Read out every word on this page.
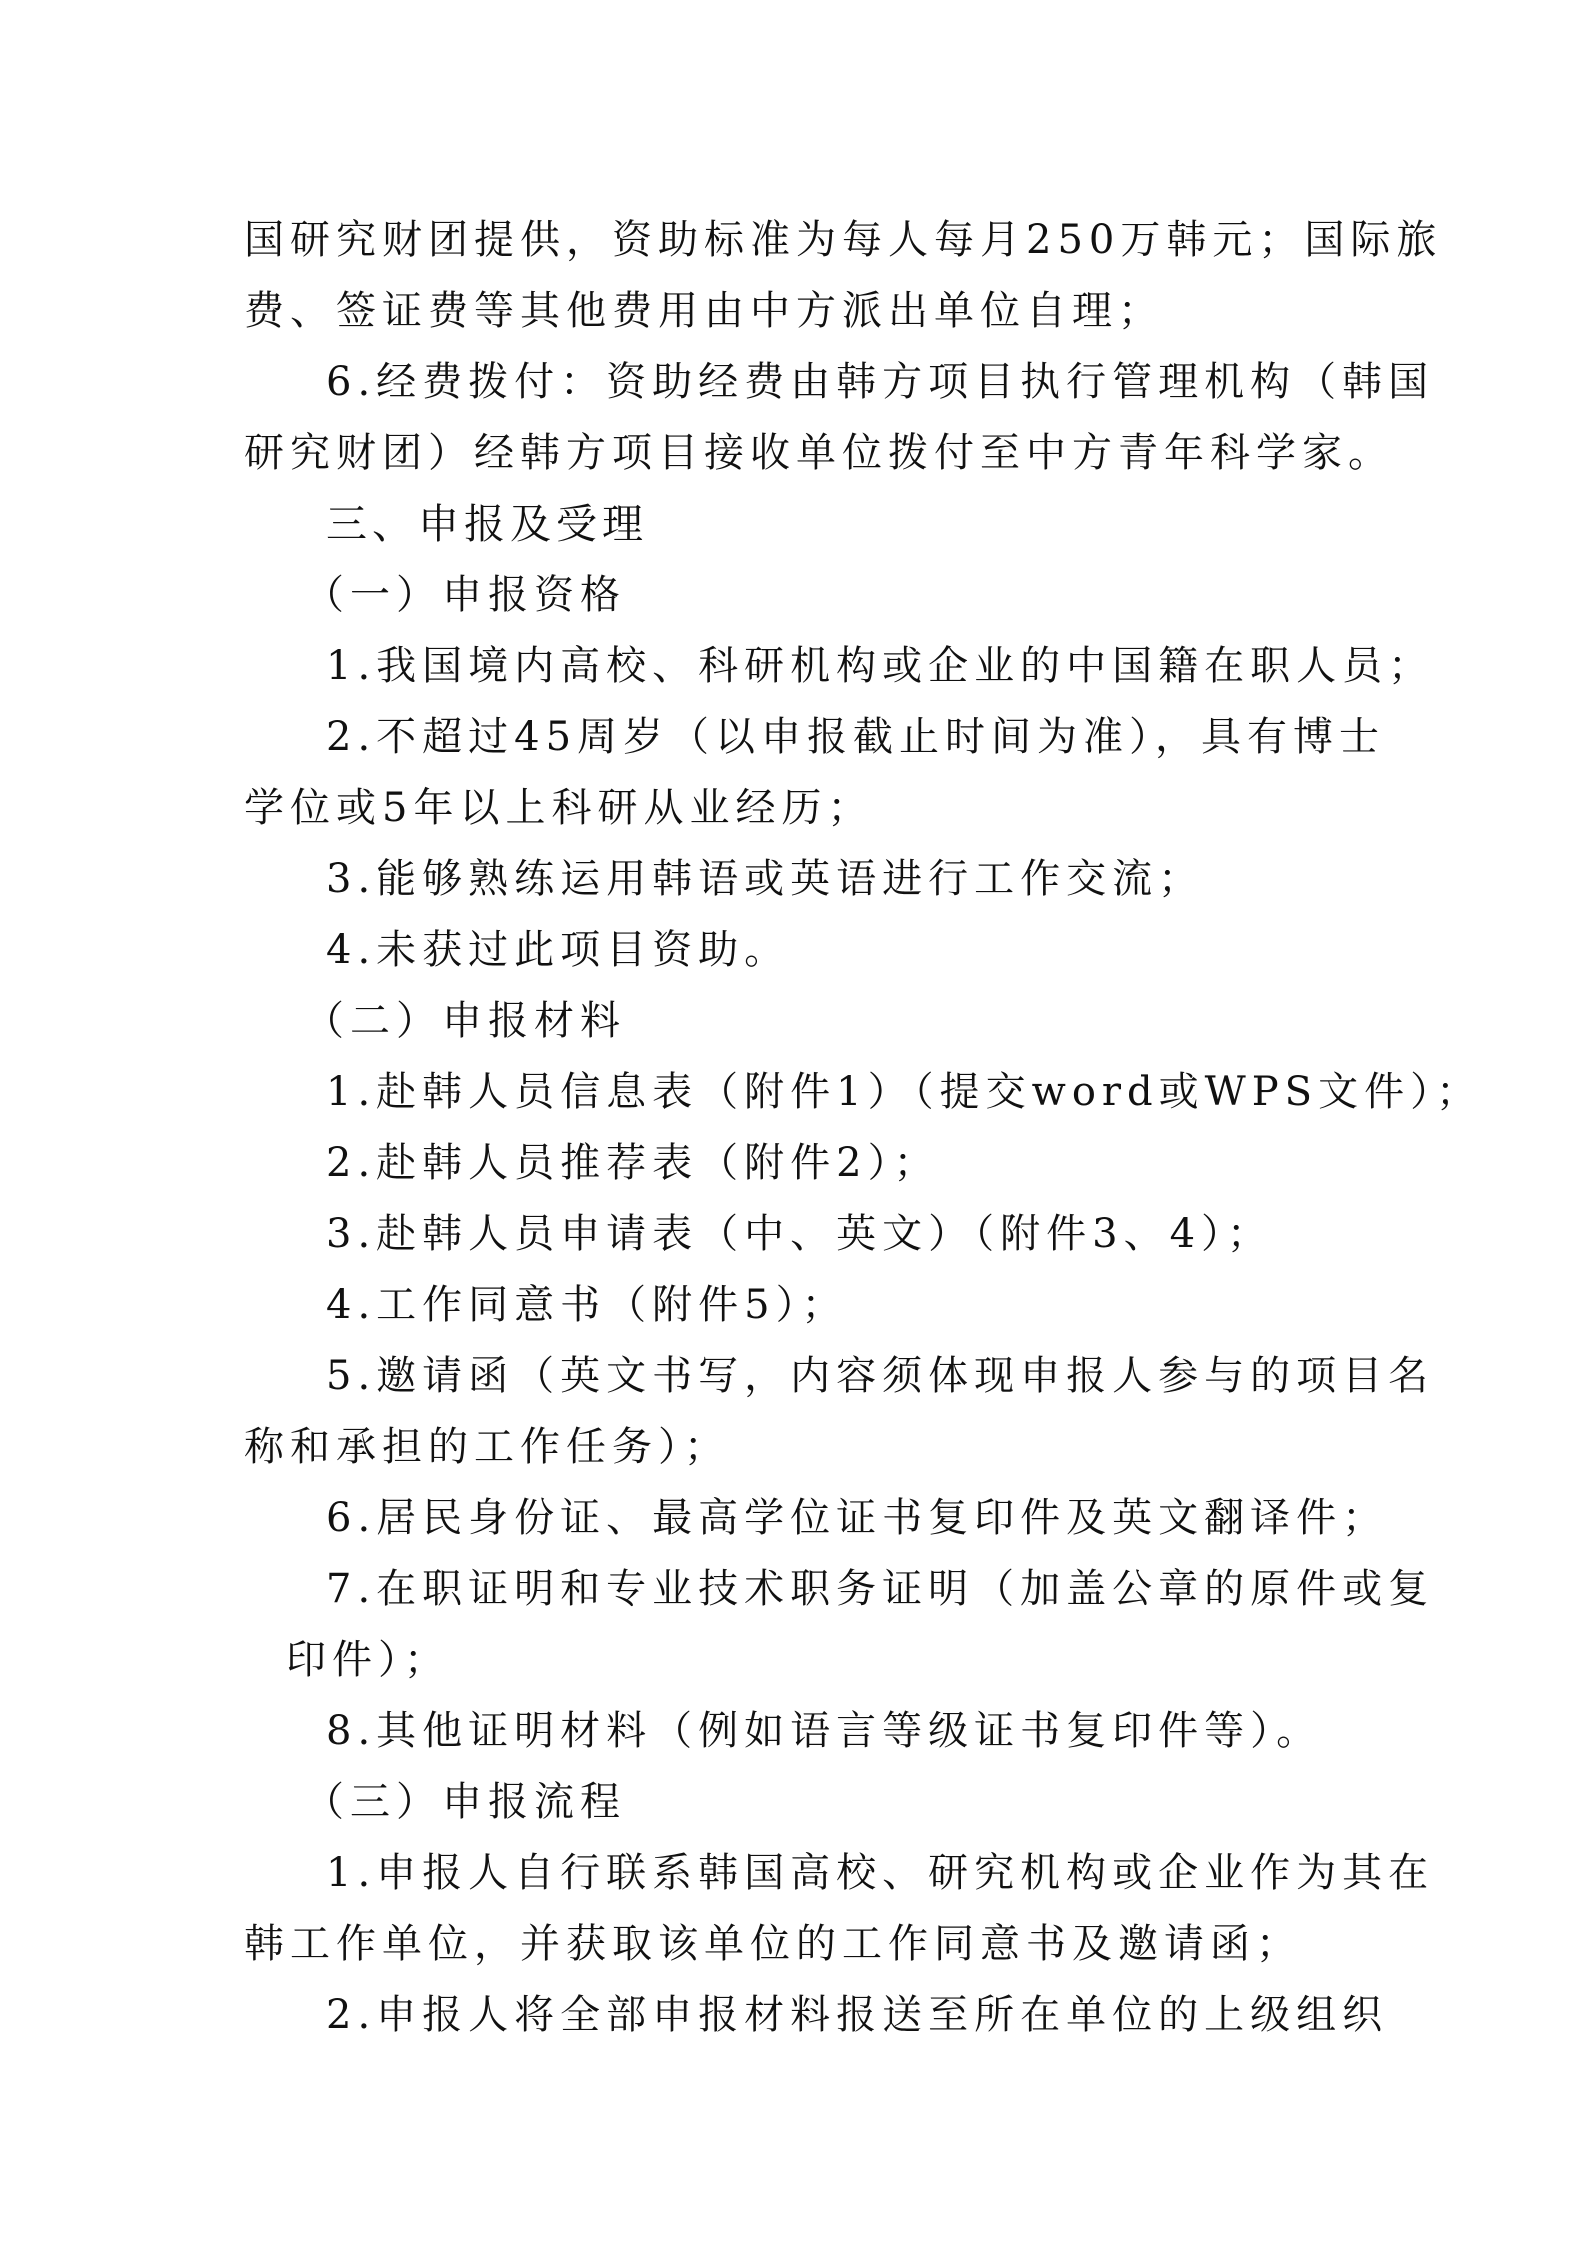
国研究财团提供，资助标准为每人每月250万韩元；国际旅

费、签证费等其他费用由中方派出单位自理；

6.经费拨付：资助经费由韩方项目执行管理机构（韩国

研究财团）经韩方项目接收单位拨付至中方青年科学家。

三、申报及受理

（一）申报资格

1.我国境内高校、科研机构或企业的中国籍在职人员；

2.不超过45周岁（以申报截止时间为准），具有博士

学位或5年以上科研从业经历；

3.能够熟练运用韩语或英语进行工作交流；

4.未获过此项目资助。

（二）申报材料

1.赴韩人员信息表（附件1）（提交word或WPS文件）；

2.赴韩人员推荐表（附件2）；

3.赴韩人员申请表（中、英文）（附件3、4）；

4.工作同意书（附件5）；

5.邀请函（英文书写，内容须体现申报人参与的项目名

称和承担的工作任务）；

6.居民身份证、最高学位证书复印件及英文翻译件；

7.在职证明和专业技术职务证明（加盖公章的原件或复

印件）；

8.其他证明材料（例如语言等级证书复印件等）。

（三）申报流程

1.申报人自行联系韩国高校、研究机构或企业作为其在

韩工作单位，并获取该单位的工作同意书及邀请函；

2.申报人将全部申报材料报送至所在单位的上级组织
